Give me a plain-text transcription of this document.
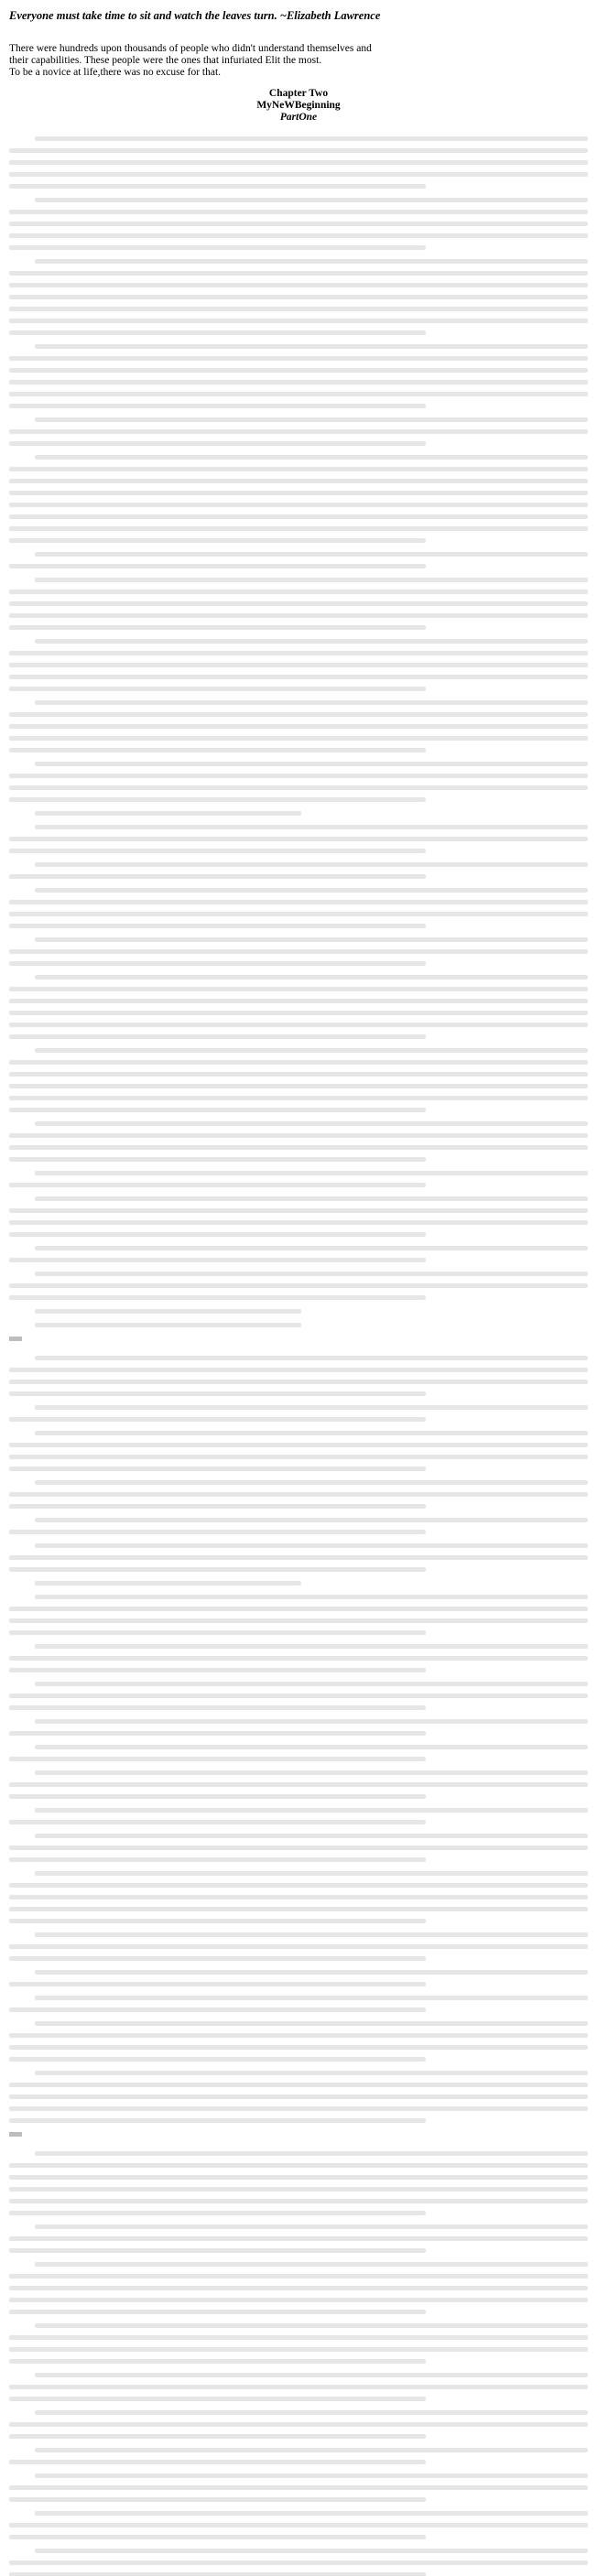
Everyone must take time to sit and watch the leaves turn. ~Elizabeth Lawrence
There were hundreds upon thousands of people who didn't understand themselves and
their capabilities. These people were the ones that infuriated Elit the most.
To be a novice at life,there was no excuse for that.
Chapter Two
MyNeWBeginning
PartOne
